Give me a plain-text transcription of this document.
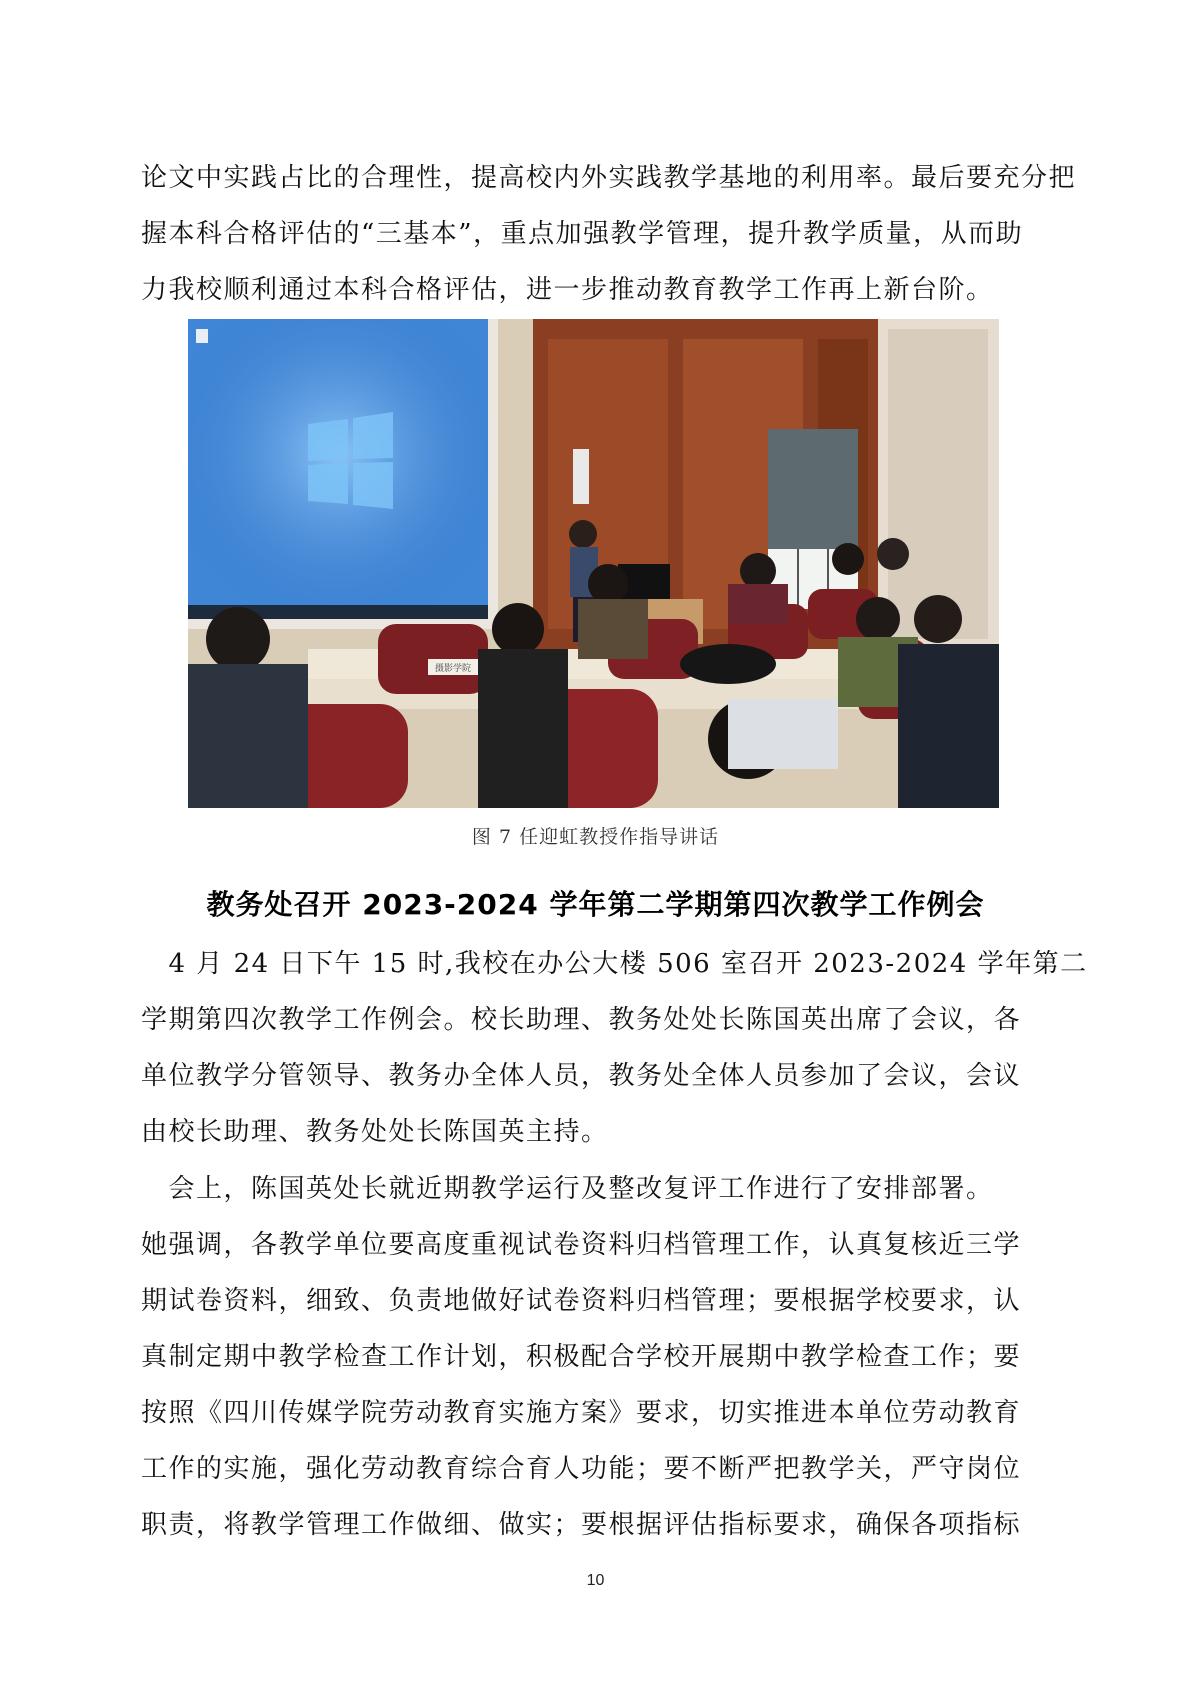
论文中实践占比的合理性，提高校内外实践教学基地的利用率。最后要充分把
握本科合格评估的“三基本”，重点加强教学管理，提升教学质量，从而助
力我校顺利通过本科合格评估，进一步推动教育教学工作再上新台阶。
摄影学院
图 7 任迎虹教授作指导讲话
教务处召开 2023-2024 学年第二学期第四次教学工作例会
　4 月 24 日下午 15 时,我校在办公大楼 506 室召开 2023-2024 学年第二
学期第四次教学工作例会。校长助理、教务处处长陈国英出席了会议，各
单位教学分管领导、教务办全体人员，教务处全体人员参加了会议，会议
由校长助理、教务处处长陈国英主持。
　会上，陈国英处长就近期教学运行及整改复评工作进行了安排部署。
她强调，各教学单位要高度重视试卷资料归档管理工作，认真复核近三学
期试卷资料，细致、负责地做好试卷资料归档管理；要根据学校要求，认
真制定期中教学检查工作计划，积极配合学校开展期中教学检查工作；要
按照《四川传媒学院劳动教育实施方案》要求，切实推进本单位劳动教育
工作的实施，强化劳动教育综合育人功能；要不断严把教学关，严守岗位
职责，将教学管理工作做细、做实；要根据评估指标要求，确保各项指标
10
